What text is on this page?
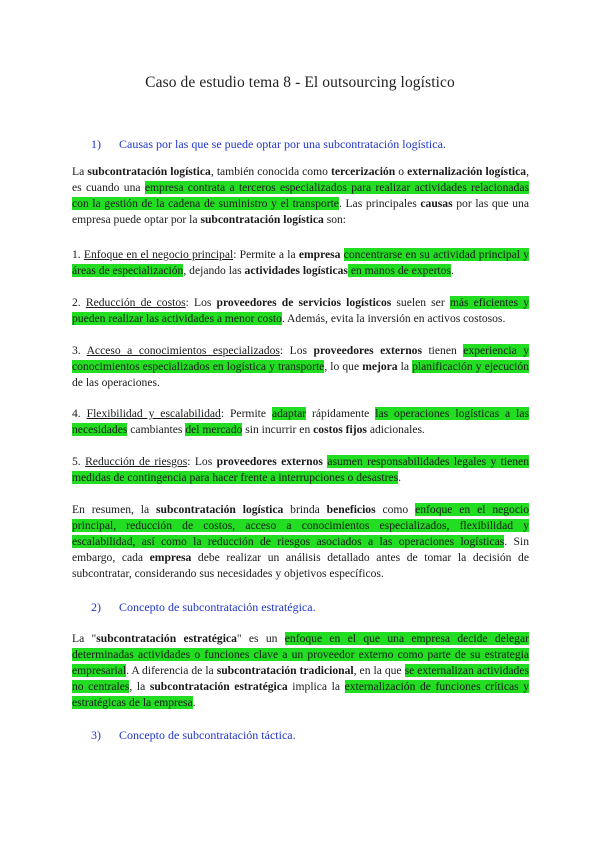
Caso de estudio tema 8 - El outsourcing logístico
1) Causas por las que se puede optar por una subcontratación logística.

La subcontratación logística, también conocida como tercerización o externalización logística, es cuando una empresa contrata a terceros especializados para realizar actividades relacionadas con la gestión de la cadena de suministro y el transporte. Las principales causas por las que una empresa puede optar por la subcontratación logística son:

1. Enfoque en el negocio principal: Permite a la empresa concentrarse en su actividad principal y áreas de especialización, dejando las actividades logísticas en manos de expertos.

2. Reducción de costos: Los proveedores de servicios logísticos suelen ser más eficientes y pueden realizar las actividades a menor costo. Además, evita la inversión en activos costosos.

3. Acceso a conocimientos especializados: Los proveedores externos tienen experiencia y conocimientos especializados en logística y transporte, lo que mejora la planificación y ejecución de las operaciones.

4. Flexibilidad y escalabilidad: Permite adaptar rápidamente las operaciones logísticas a las necesidades cambiantes del mercado sin incurrir en costos fijos adicionales.

5. Reducción de riesgos: Los proveedores externos asumen responsabilidades legales y tienen medidas de contingencia para hacer frente a interrupciones o desastres.

En resumen, la subcontratación logística brinda beneficios como enfoque en el negocio principal, reducción de costos, acceso a conocimientos especializados, flexibilidad y escalabilidad, así como la reducción de riesgos asociados a las operaciones logísticas. Sin embargo, cada empresa debe realizar un análisis detallado antes de tomar la decisión de subcontratar, considerando sus necesidades y objetivos específicos.

2) Concepto de subcontratación estratégica.

La "subcontratación estratégica" es un enfoque en el que una empresa decide delegar determinadas actividades o funciones clave a un proveedor externo como parte de su estrategia empresarial. A diferencia de la subcontratación tradicional, en la que se externalizan actividades no centrales, la subcontratación estratégica implica la externalización de funciones críticas y estratégicas de la empresa.

3) Concepto de subcontratación táctica.
